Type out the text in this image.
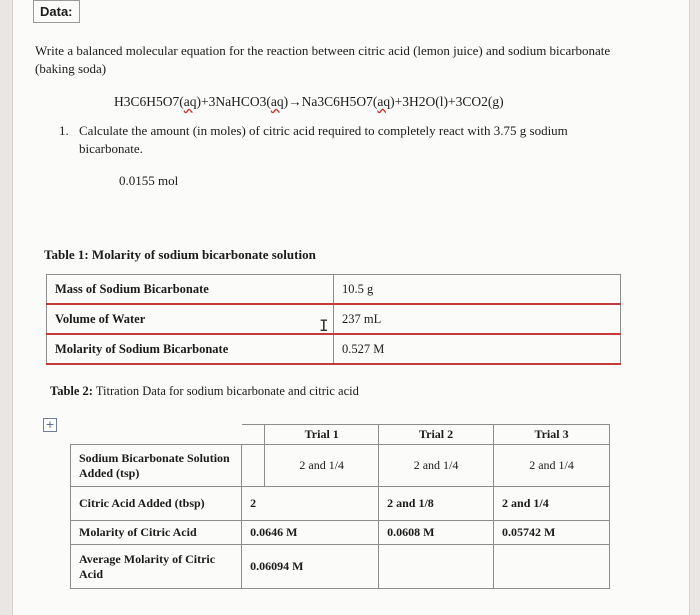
Data:
Write a balanced molecular equation for the reaction between citric acid (lemon juice) and sodium bicarbonate
(baking soda)
H3C6H5O7(aq)+3NaHCO3(aq)→Na3C6H5O7(aq)+3H2O(l)+3CO2(g)
1. Calculate the amount (in moles) of citric acid required to completely react with 3.75 g sodium
bicarbonate.
0.0155 mol
Table 1: Molarity of sodium bicarbonate solution
Mass of Sodium Bicarbonate	10.5 g
Volume of Water	237 mL
Molarity of Sodium Bicarbonate	0.527 M
I
Table 2: Titration Data for sodium bicarbonate and citric acid
+
		Trial 1	Trial 2	Trial 3
Sodium Bicarbonate Solution Added (tsp)		2 and 1/4	2 and 1/4	2 and 1/4
Citric Acid Added (tbsp)	2		2 and 1/8	2 and 1/4
Molarity of Citric Acid	0.0646 M		0.0608 M	0.05742 M
Average Molarity of Citric Acid	0.06094 M			
